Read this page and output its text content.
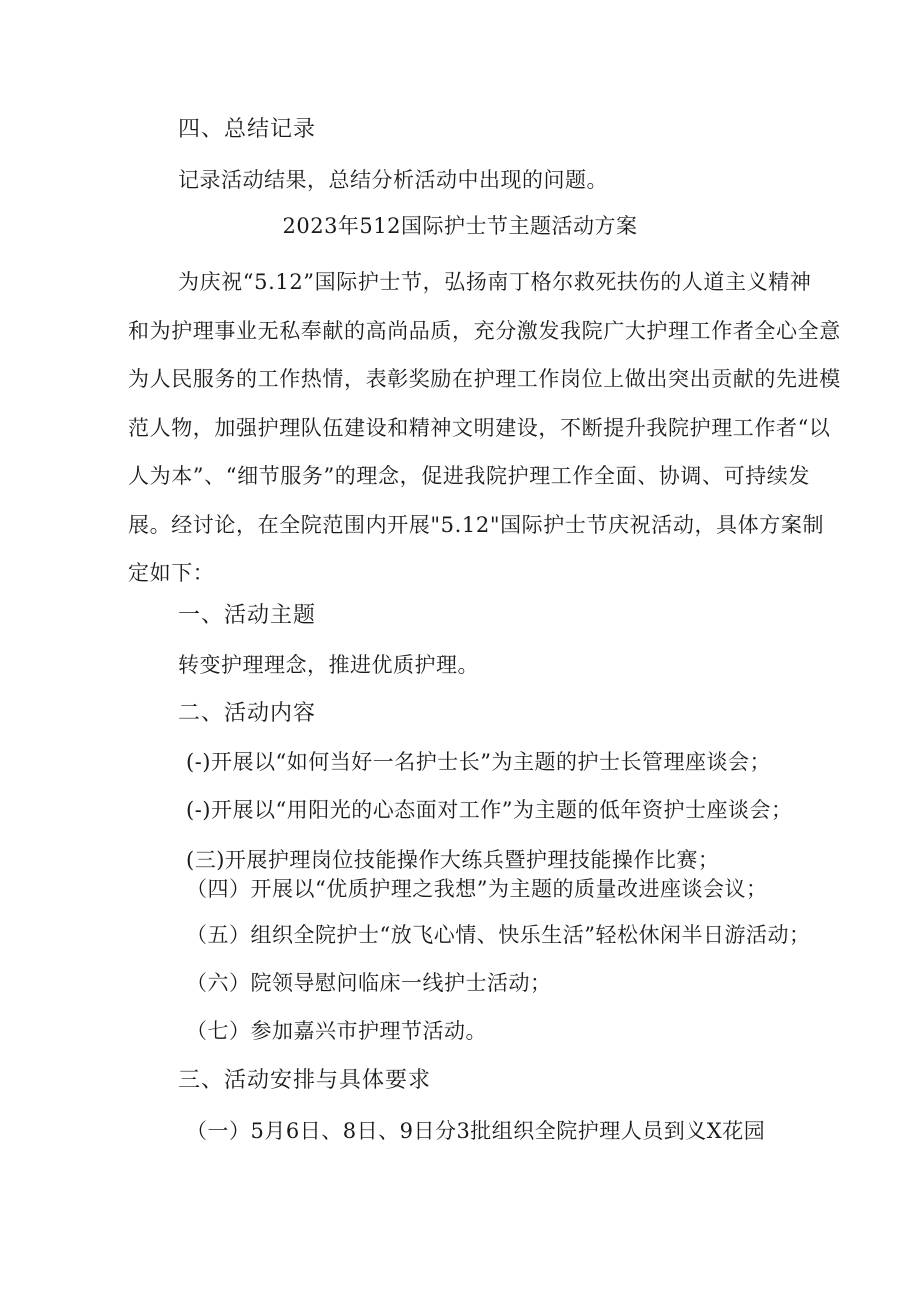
四、总结记录
记录活动结果，总结分析活动中出现的问题。
2023年512国际护士节主题活动方案
为庆祝“5.12”国际护士节，弘扬南丁格尔救死扶伤的人道主义精神
和为护理事业无私奉献的高尚品质，充分激发我院广大护理工作者全心全意
为人民服务的工作热情，表彰奖励在护理工作岗位上做出突出贡献的先进模
范人物，加强护理队伍建设和精神文明建设，不断提升我院护理工作者“以
人为本”、“细节服务”的理念，促进我院护理工作全面、协调、可持续发
展。经讨论，在全院范围内开展"5.12"国际护士节庆祝活动，具体方案制
定如下：
一、活动主题
转变护理理念，推进优质护理。
二、活动内容
(-)开展以“如何当好一名护士长”为主题的护士长管理座谈会；
(-)开展以“用阳光的心态面对工作”为主题的低年资护士座谈会；
(三)开展护理岗位技能操作大练兵暨护理技能操作比赛；
（四）开展以“优质护理之我想”为主题的质量改进座谈会议；
（五）组织全院护士“放飞心情、快乐生活”轻松休闲半日游活动；
（六）院领导慰问临床一线护士活动；
（七）参加嘉兴市护理节活动。
三、活动安排与具体要求
（一）5月6日、8日、9日分3批组织全院护理人员到义X花园
